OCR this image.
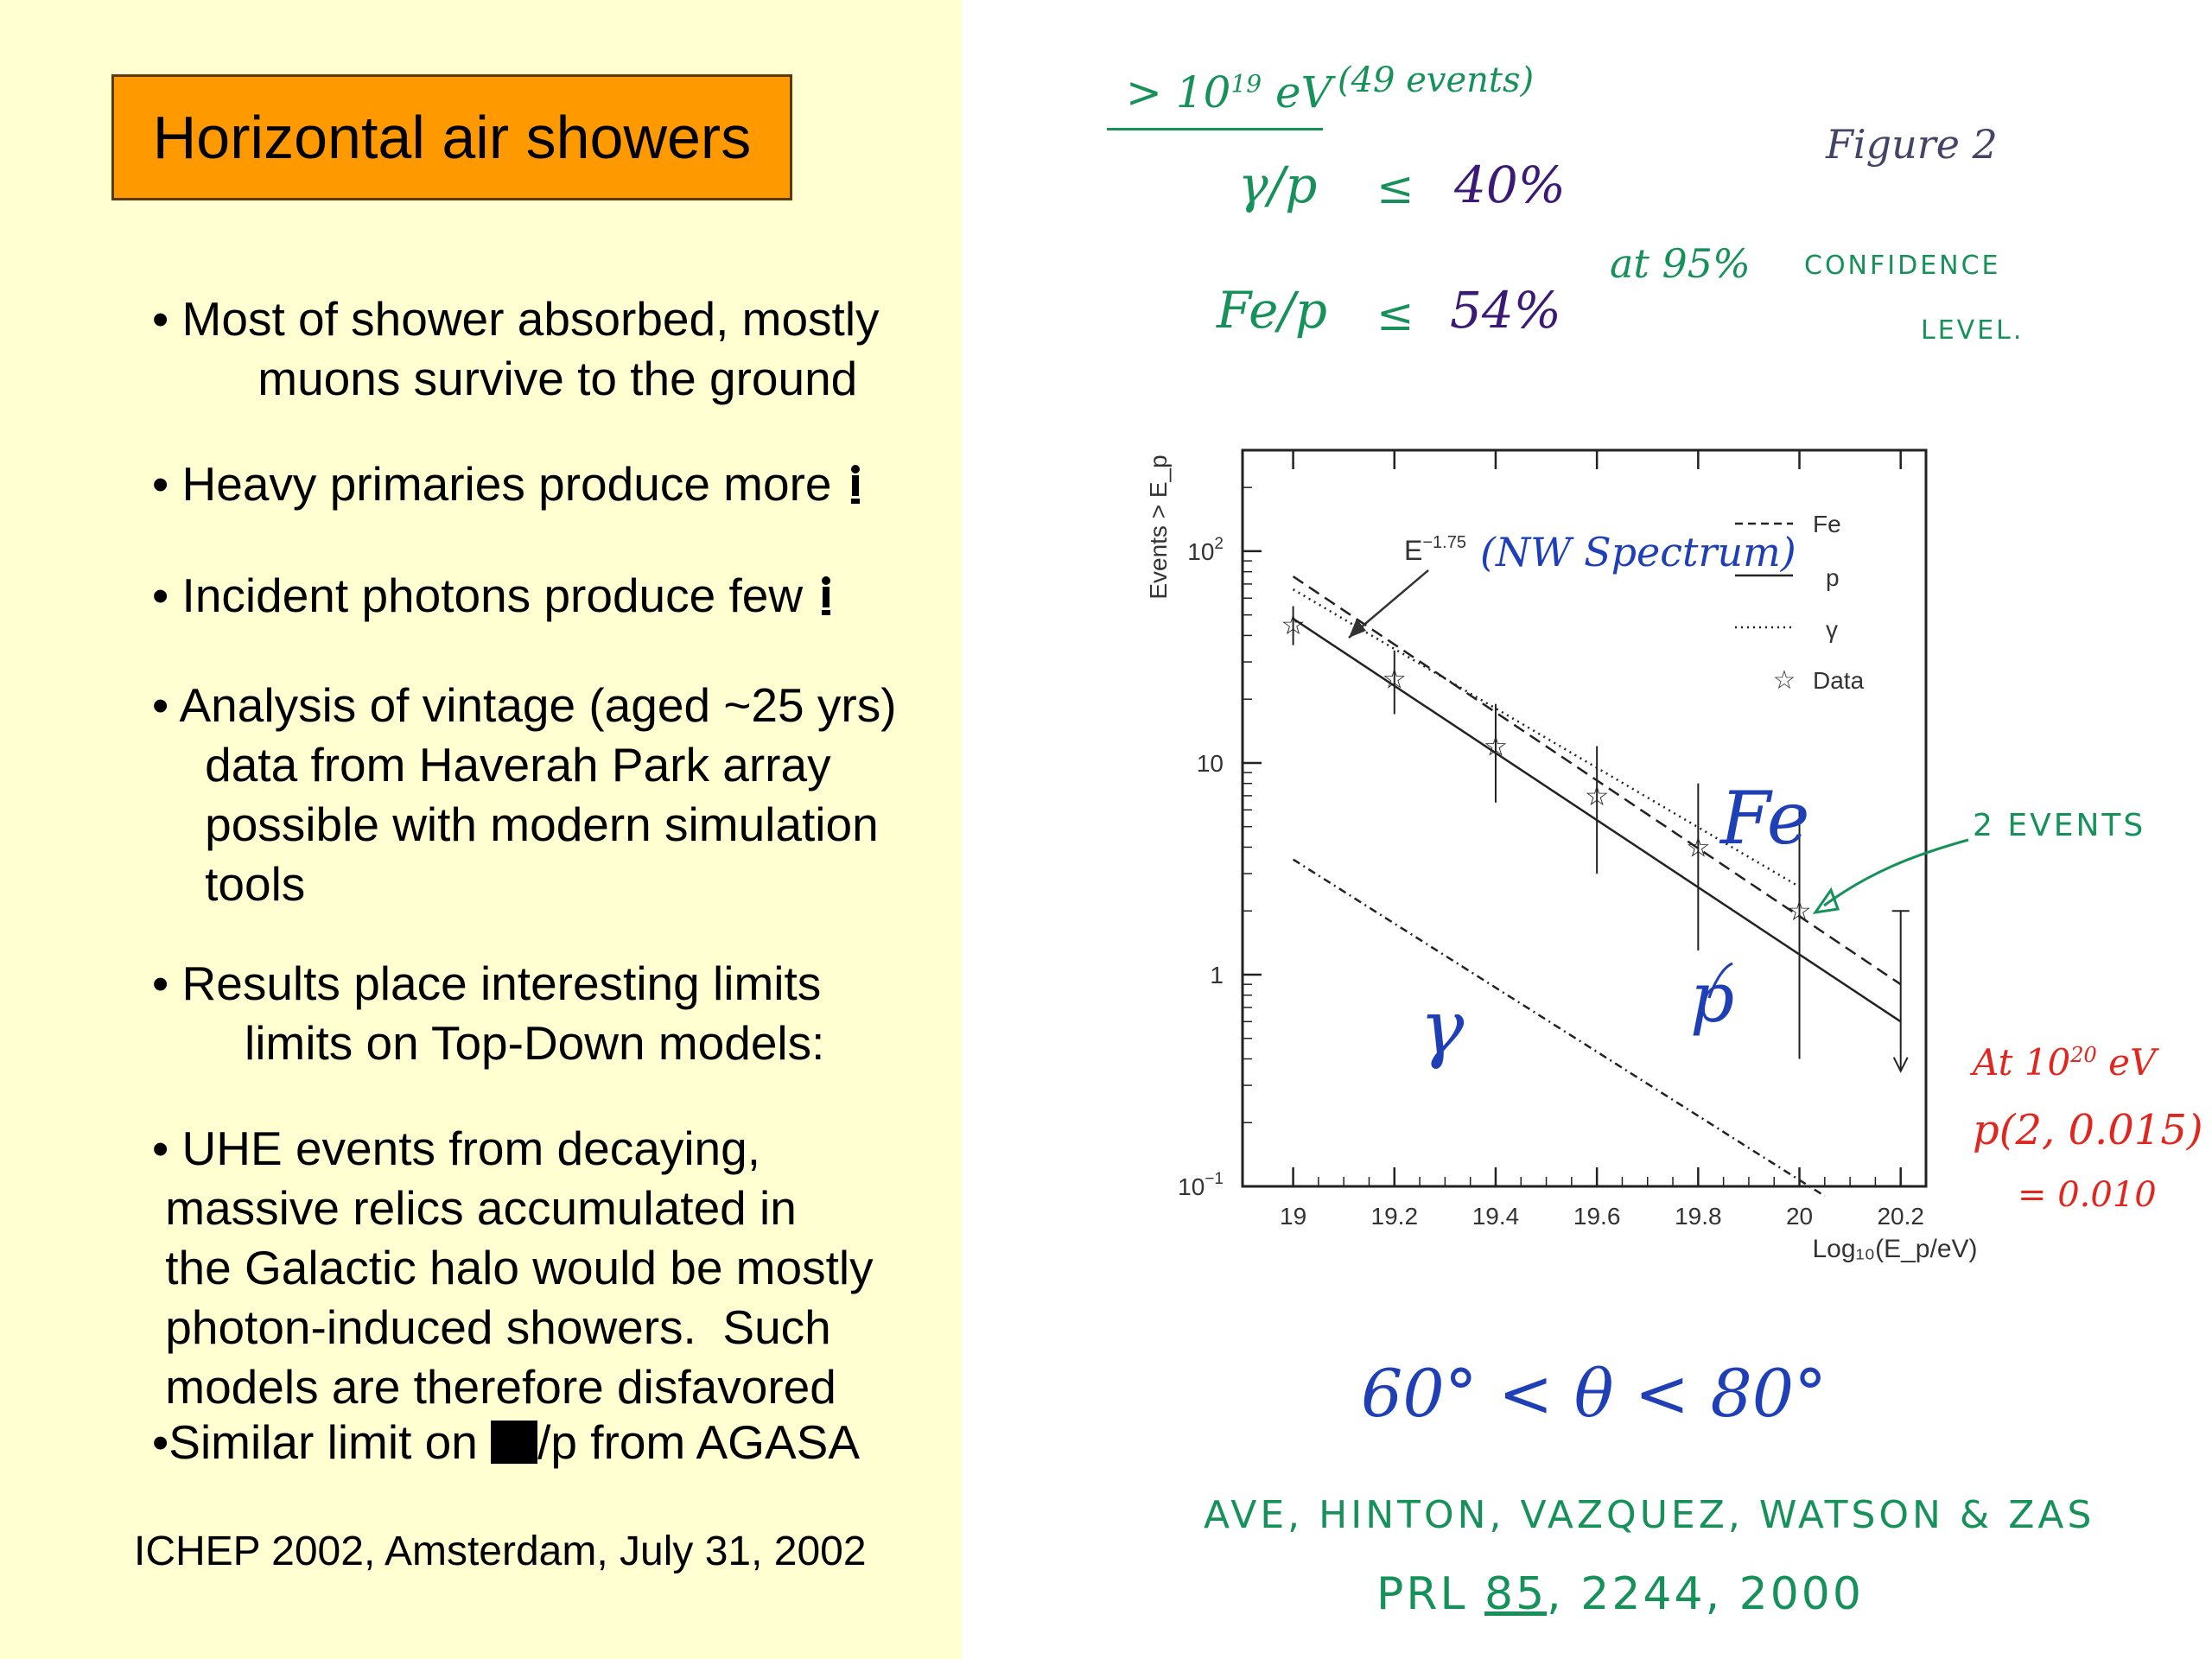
Horizontal air showers

• Most of shower absorbed, mostly
muons survive to the ground

• Heavy primaries produce more

• Incident photons produce few

• Analysis of vintage (aged ~25 yrs)
data from Haverah Park array
possible with modern simulation
tools

• Results place interesting limits
limits on Top-Down models:

• UHE events from decaying,
massive relics accumulated in
the Galactic halo would be mostly
photon-induced showers.  Such
models are therefore disfavored

•Similar limit on /p from AGASA

ICHEP 2002, Amsterdam, July 31, 2002
> $10^{19}$ eV (49 events)
γ/p ≤ 40%
Fe/p ≤ 54%
at 95% CONFIDENCE
LEVEL.
Figure 2
☆
☆
☆
☆
☆
☆
19	19.2 19.4 19.6 19.8	20	20.2
$10^{-1}$
1
10
$10^2$
Fe
p
γ
☆ Data
$E^{-1.75}$
Log₁₀(E_p/eV)
Events > E_p	(NW Spectrum)
Fe
p
γ
2 EVENTS
At $10^{20}$ eV
p(2, 0.015)
= 0.010
60° < θ < 80°
AVE, HINTON, VAZQUEZ, WATSON & ZAS
PRL 85, 2244, 2000
